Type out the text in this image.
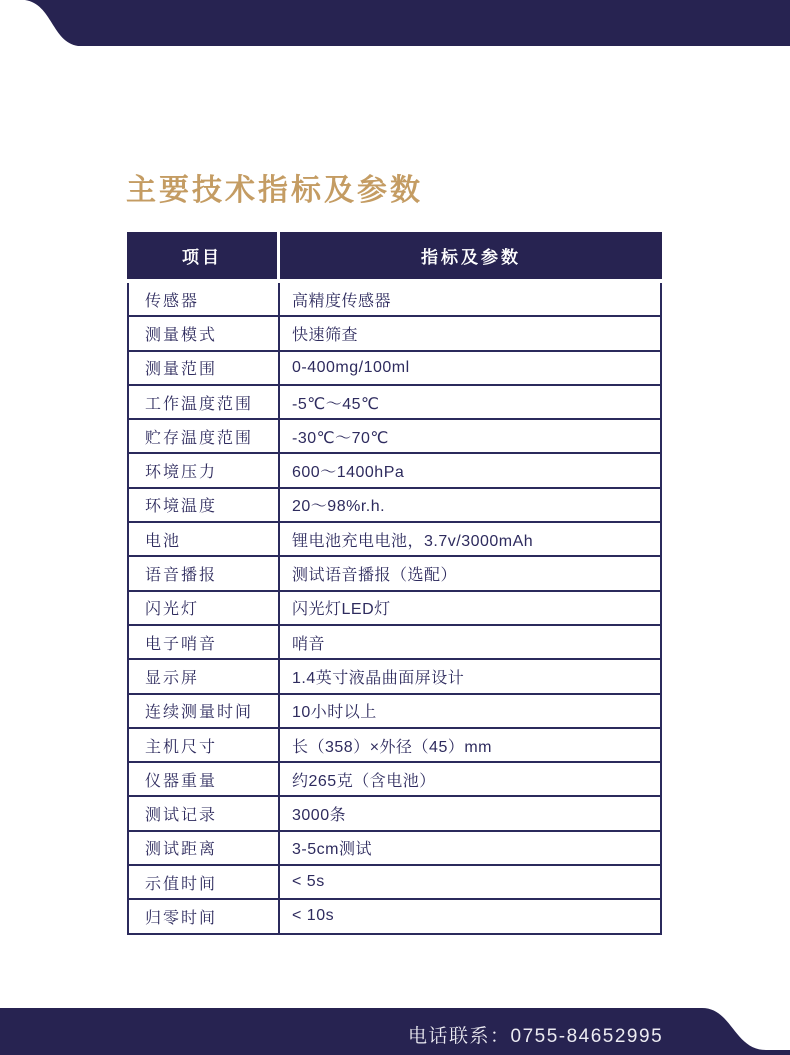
主要技术指标及参数
项目	指标及参数
传感器	高精度传感器
测量模式	快速筛查
测量范围	0-400mg/100ml
工作温度范围	-5℃～45℃
贮存温度范围	-30℃～70℃
环境压力	600～1400hPa
环境温度	20～98%r.h.
电池	锂电池充电电池，3.7v/3000mAh
语音播报	测试语音播报（选配）
闪光灯	闪光灯LED灯
电子哨音	哨音
显示屏	1.4英寸液晶曲面屏设计
连续测量时间	10小时以上
主机尺寸	长（358）×外径（45）mm
仪器重量	约265克（含电池）
测试记录	3000条
测试距离	3-5cm测试
示值时间	< 5s
归零时间	< 10s
电话联系：0755-84652995
